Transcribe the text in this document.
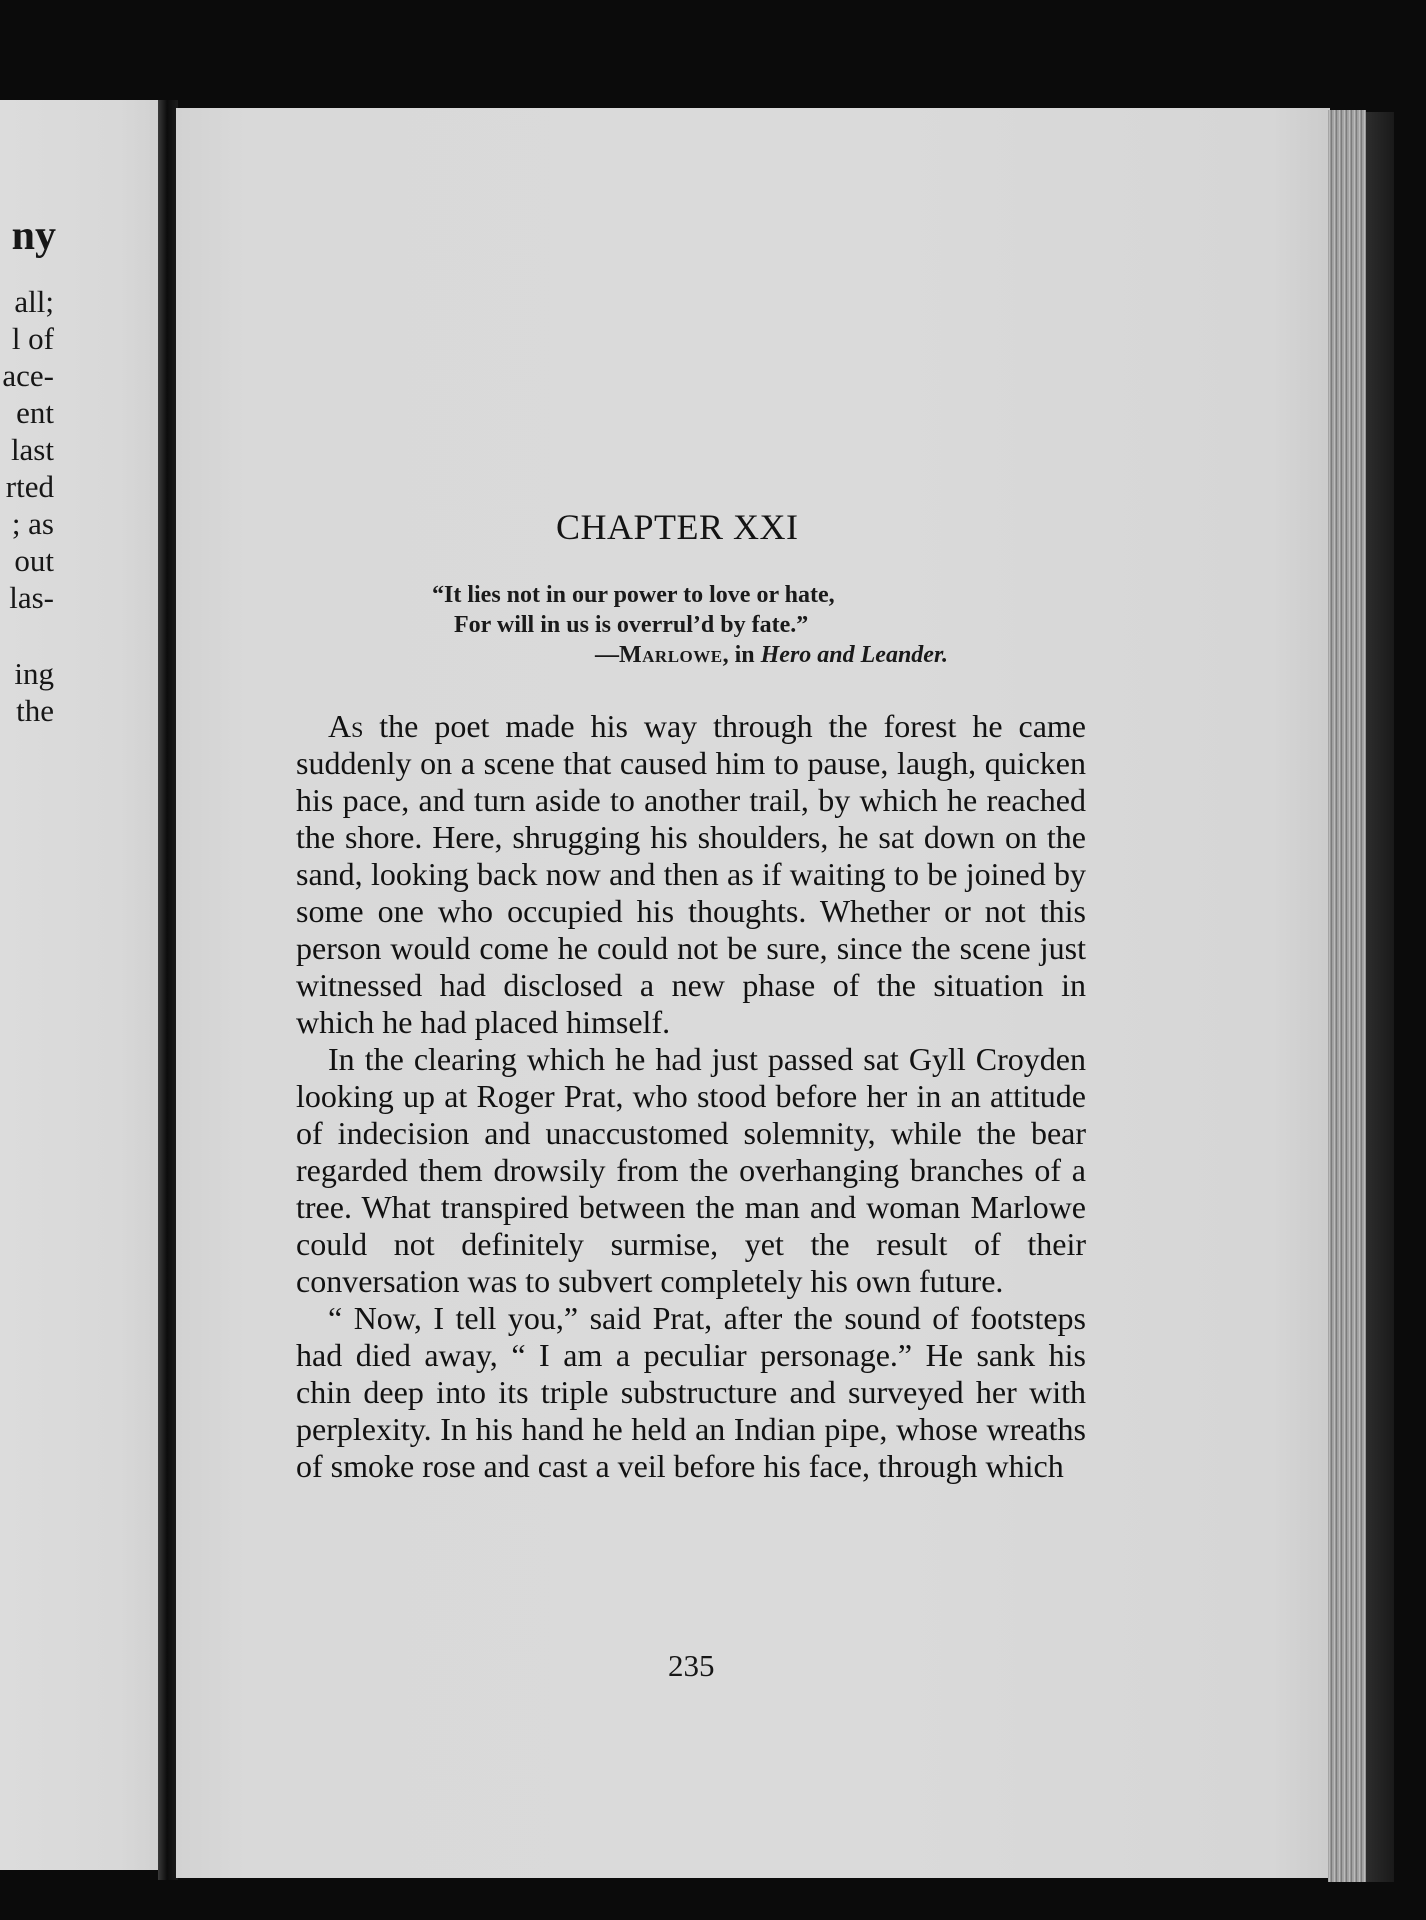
ny
all;
l of
ace-
ent
last
rted
; as
out
las-
ing
the
CHAPTER XXI
“It lies not in our power to love or hate,
For will in us is overrul’d by fate.”
—Marlowe, in Hero and Leander.

As the poet made his way through the forest he came suddenly on a scene that caused him to pause, laugh, quicken his pace, and turn aside to another trail, by which he reached the shore. Here, shrugging his shoulders, he sat down on the sand, looking back now and then as if waiting to be joined by some one who occupied his thoughts. Whether or not this person would come he could not be sure, since the scene just witnessed had disclosed a new phase of the situation in which he had placed himself.

In the clearing which he had just passed sat Gyll Croyden looking up at Roger Prat, who stood before her in an attitude of indecision and unaccustomed solemnity, while the bear regarded them drowsily from the overhanging branches of a tree. What transpired between the man and woman Marlowe could not definitely surmise, yet the result of their conversation was to subvert completely his own future.

“ Now, I tell you,” said Prat, after the sound of footsteps had died away, “ I am a peculiar personage.” He sank his chin deep into its triple substructure and surveyed her with perplexity. In his hand he held an Indian pipe, whose wreaths of smoke rose and cast a veil before his face, through which

235
